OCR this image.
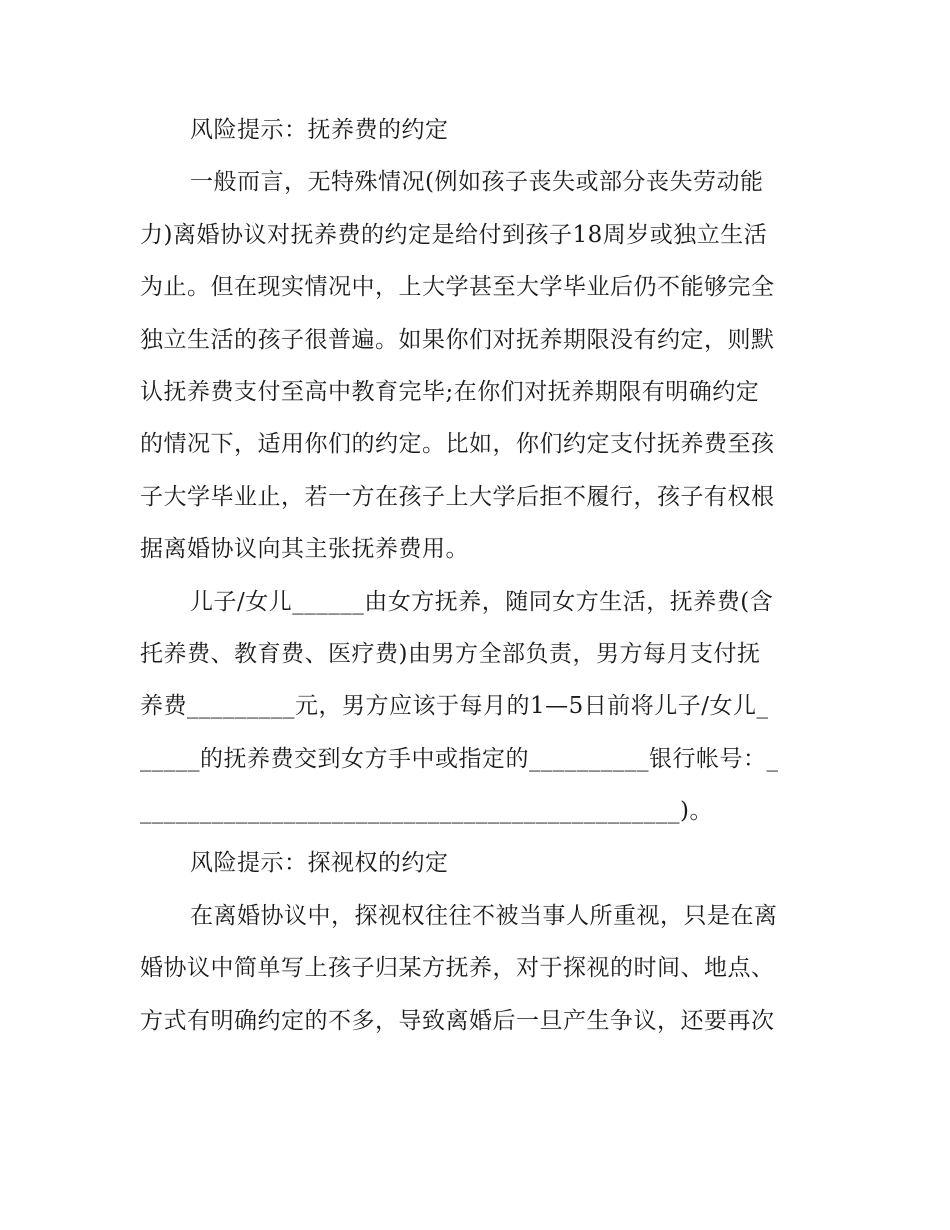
风险提示：抚养费的约定
一般而言，无特殊情况(例如孩子丧失或部分丧失劳动能
力)离婚协议对抚养费的约定是给付到孩子18周岁或独立生活
为止。但在现实情况中，上大学甚至大学毕业后仍不能够完全
独立生活的孩子很普遍。如果你们对抚养期限没有约定，则默
认抚养费支付至高中教育完毕;在你们对抚养期限有明确约定
的情况下，适用你们的约定。比如，你们约定支付抚养费至孩
子大学毕业止，若一方在孩子上大学后拒不履行，孩子有权根
据离婚协议向其主张抚养费用。
儿子/女儿______由女方抚养，随同女方生活，抚养费(含
托养费、教育费、医疗费)由男方全部负责，男方每月支付抚
养费_________元，男方应该于每月的1—5日前将儿子/女儿_
_____的抚养费交到女方手中或指定的__________银行帐号：_
_____________________________________________)。
风险提示：探视权的约定
在离婚协议中，探视权往往不被当事人所重视，只是在离
婚协议中简单写上孩子归某方抚养，对于探视的时间、地点、
方式有明确约定的不多，导致离婚后一旦产生争议，还要再次
